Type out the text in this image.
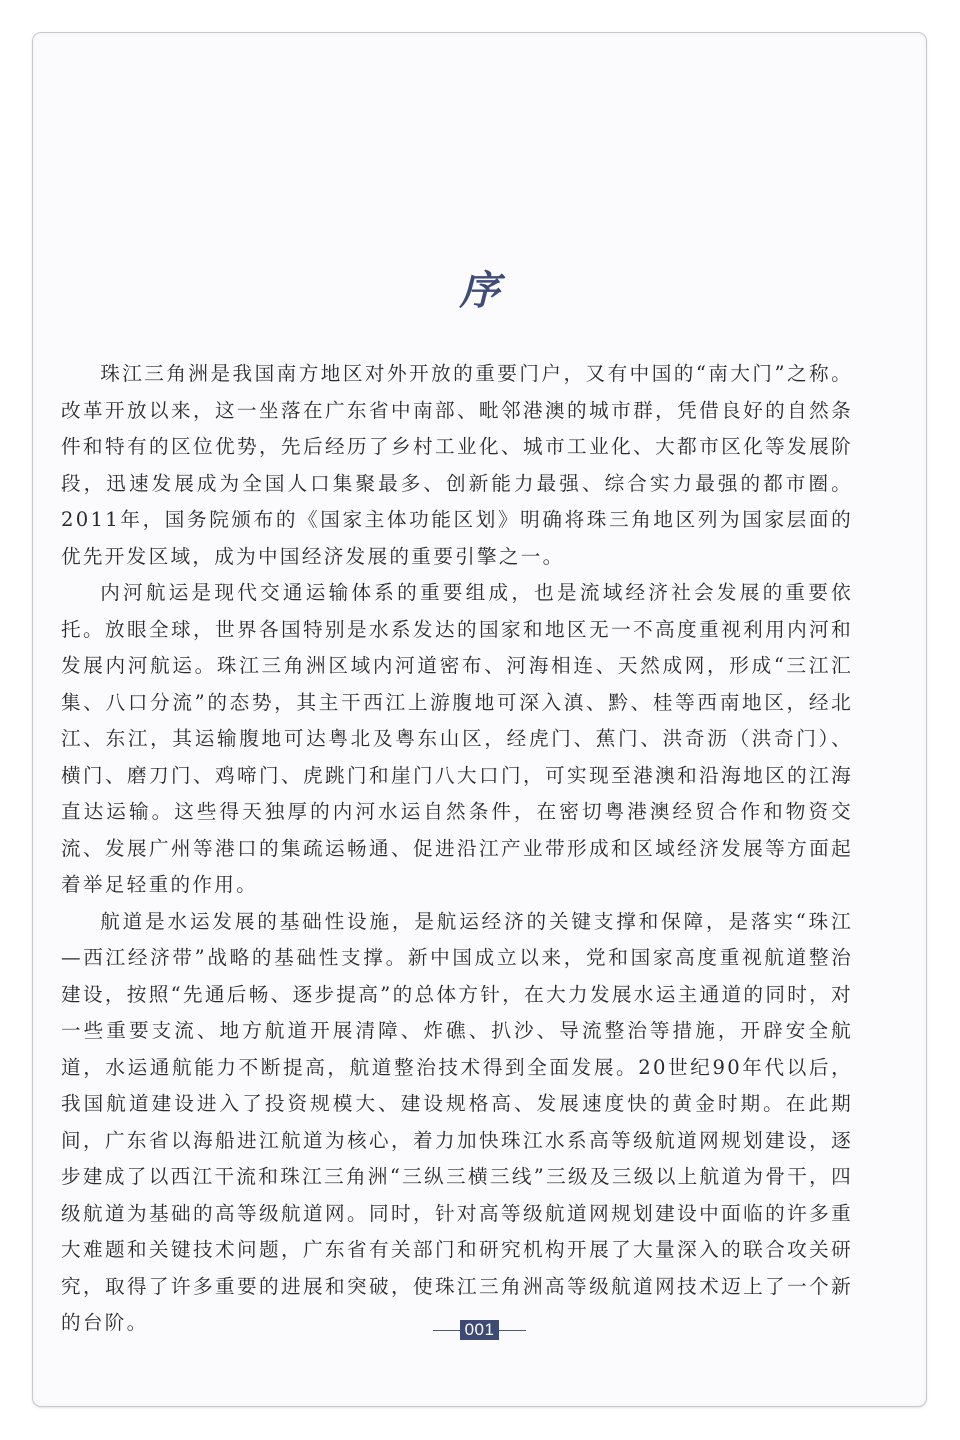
序

珠江三角洲是我国南方地区对外开放的重要门户，又有中国的“南大门”之称。改革开放以来，这一坐落在广东省中南部、毗邻港澳的城市群，凭借良好的自然条件和特有的区位优势，先后经历了乡村工业化、城市工业化、大都市区化等发展阶段，迅速发展成为全国人口集聚最多、创新能力最强、综合实力最强的都市圈。2011年，国务院颁布的《国家主体功能区划》明确将珠三角地区列为国家层面的优先开发区域，成为中国经济发展的重要引擎之一。

内河航运是现代交通运输体系的重要组成，也是流域经济社会发展的重要依托。放眼全球，世界各国特别是水系发达的国家和地区无一不高度重视利用内河和发展内河航运。珠江三角洲区域内河道密布、河海相连、天然成网，形成“三江汇集、八口分流”的态势，其主干西江上游腹地可深入滇、黔、桂等西南地区，经北江、东江，其运输腹地可达粤北及粤东山区，经虎门、蕉门、洪奇沥（洪奇门）、横门、磨刀门、鸡啼门、虎跳门和崖门八大口门，可实现至港澳和沿海地区的江海直达运输。这些得天独厚的内河水运自然条件，在密切粤港澳经贸合作和物资交流、发展广州等港口的集疏运畅通、促进沿江产业带形成和区域经济发展等方面起着举足轻重的作用。

航道是水运发展的基础性设施，是航运经济的关键支撑和保障，是落实“珠江—西江经济带”战略的基础性支撑。新中国成立以来，党和国家高度重视航道整治建设，按照“先通后畅、逐步提高”的总体方针，在大力发展水运主通道的同时，对一些重要支流、地方航道开展清障、炸礁、扒沙、导流整治等措施，开辟安全航道，水运通航能力不断提高，航道整治技术得到全面发展。20世纪90年代以后，我国航道建设进入了投资规模大、建设规格高、发展速度快的黄金时期。在此期间，广东省以海船进江航道为核心，着力加快珠江水系高等级航道网规划建设，逐步建成了以西江干流和珠江三角洲“三纵三横三线”三级及三级以上航道为骨干，四级航道为基础的高等级航道网。同时，针对高等级航道网规划建设中面临的许多重大难题和关键技术问题，广东省有关部门和研究机构开展了大量深入的联合攻关研究，取得了许多重要的进展和突破，使珠江三角洲高等级航道网技术迈上了一个新的台阶。	001
